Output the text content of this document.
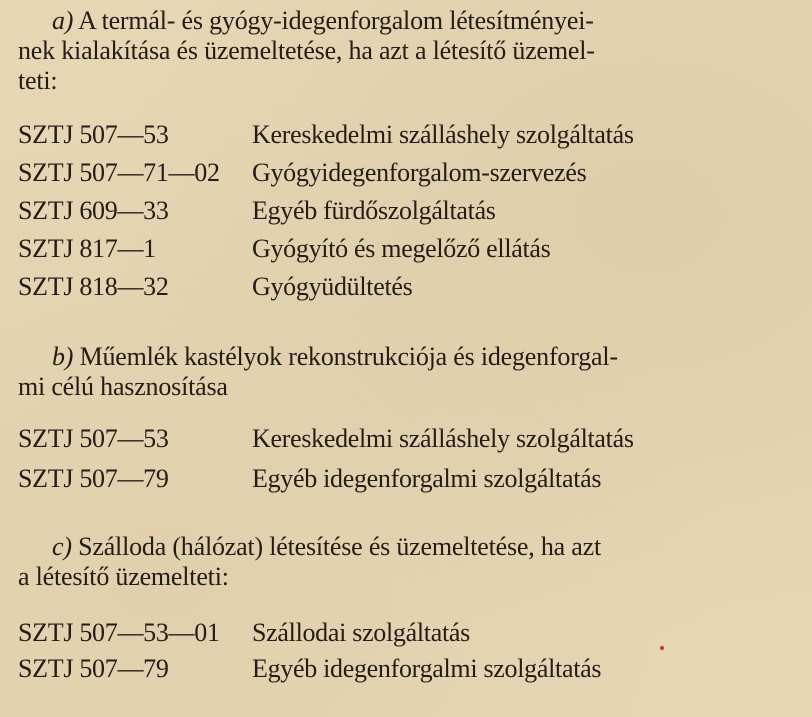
a) A termál- és gyógy-idegenforgalom létesítményei-
nek kialakítása és üzemeltetése, ha azt a létesítő üzemel-
teti:

SZTJ 507—53	Kereskedelmi szálláshely szolgáltatás
SZTJ 507—71—02 Gyógyidegenforgalom-szervezés
SZTJ 609—33	Egyéb fürdőszolgáltatás
SZTJ 817—1	Gyógyító és megelőző ellátás
SZTJ 818—32	Gyógyüdültetés

b) Műemlék kastélyok rekonstrukciója és idegenforgal-
mi célú hasznosítása

SZTJ 507—53	Kereskedelmi szálláshely szolgáltatás
SZTJ 507—79	Egyéb idegenforgalmi szolgáltatás

c) Szálloda (hálózat) létesítése és üzemeltetése, ha azt
a létesítő üzemelteti:

SZTJ 507—53—01 Szállodai szolgáltatás
SZTJ 507—79	Egyéb idegenforgalmi szolgáltatás
